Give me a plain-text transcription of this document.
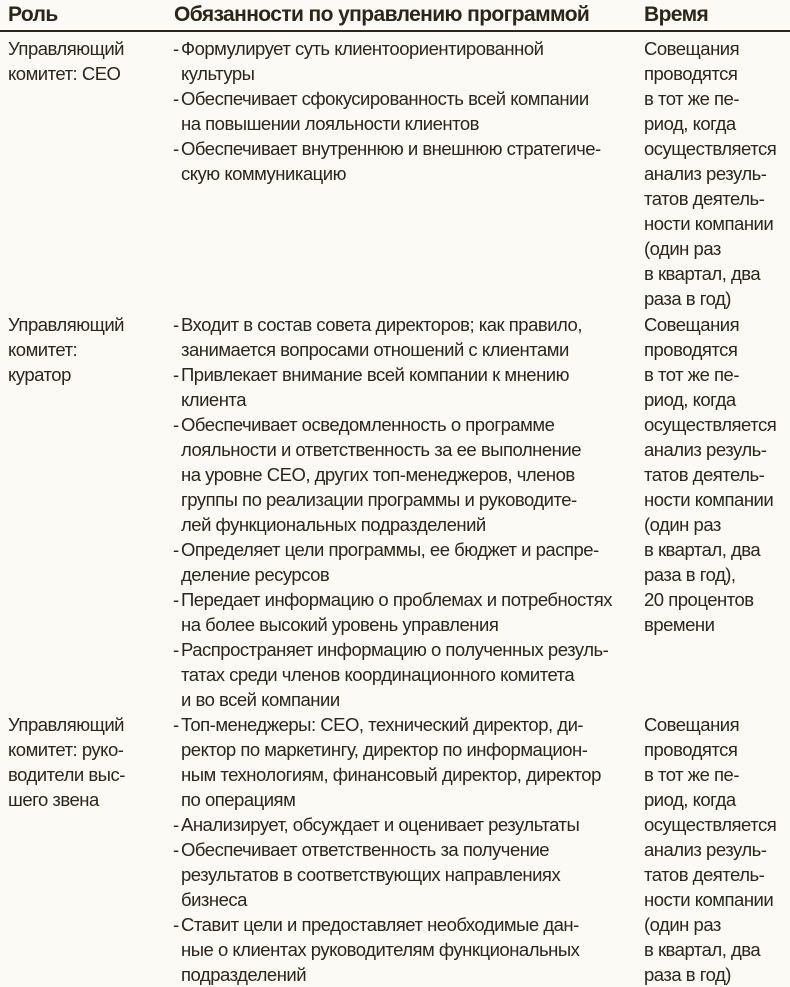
Роль	Обязанности по управлению программой	Время
Управляющий
комитет: CEO
- Формулирует суть клиентоориентированной
культуры
- Обеспечивает сфокусированность всей компании
на повышении лояльности клиентов
- Обеспечивает внутреннюю и внешнюю стратегиче-
скую коммуникацию
Совещания
проводятся
в тот же пе-
риод, когда
осуществляется
анализ резуль-
татов деятель-
ности компании
(один раз
в квартал, два
раза в год)
Управляющий
комитет:
куратор
- Входит в состав совета директоров; как правило,
занимается вопросами отношений с клиентами
- Привлекает внимание всей компании к мнению
клиента
- Обеспечивает осведомленность о программе
лояльности и ответственность за ее выполнение
на уровне CEO, других топ-менеджеров, членов
группы по реализации программы и руководите-
лей функциональных подразделений
- Определяет цели программы, ее бюджет и распре-
деление ресурсов
- Передает информацию о проблемах и потребностях
на более высокий уровень управления
- Распространяет информацию о полученных резуль-
татах среди членов координационного комитета
и во всей компании
Совещания
проводятся
в тот же пе-
риод, когда
осуществляется
анализ резуль-
татов деятель-
ности компании
(один раз
в квартал, два
раза в год),
20 процентов
времени
Управляющий
комитет: руко-
водители выс-
шего звена
- Топ-менеджеры: CEO, технический директор, ди-
ректор по маркетингу, директор по информацион-
ным технологиям, финансовый директор, директор
по операциям
- Анализирует, обсуждает и оценивает результаты
- Обеспечивает ответственность за получение
результатов в соответствующих направлениях
бизнеса
- Ставит цели и предоставляет необходимые дан-
ные о клиентах руководителям функциональных
подразделений
Совещания
проводятся
в тот же пе-
риод, когда
осуществляется
анализ резуль-
татов деятель-
ности компании
(один раз
в квартал, два
раза в год)
